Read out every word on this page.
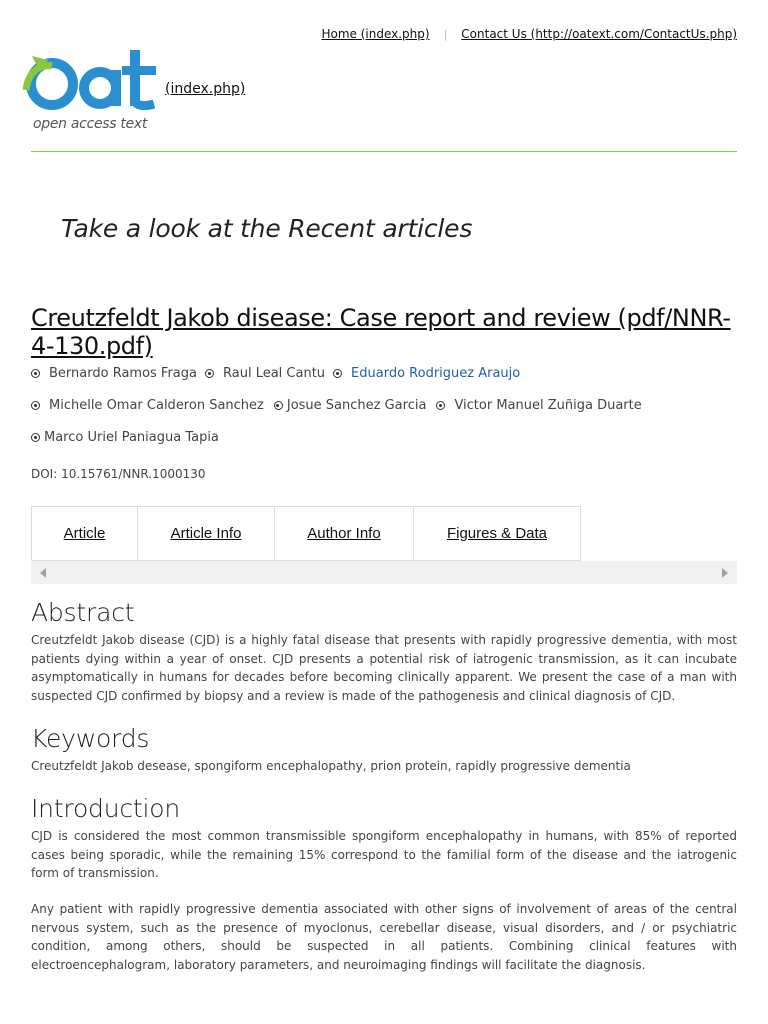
Home (index.php) | Contact Us (http://oatext.com/ContactUs.php)
open access text
(index.php)
Take a look at the Recent articles
Creutzfeldt Jakob disease: Case report and review (pdf/NNR-4-130.pdf)
Bernardo Ramos Fraga Raul Leal Cantu Eduardo Rodriguez Araujo
Michelle Omar Calderon Sanchez Josue Sanchez Garcia Victor Manuel Zuñiga Duarte
Marco Uriel Paniagua Tapia
DOI: 10.15761/NNR.1000130
Article	Article Info	Author Info	Figures & Data
Abstract
Creutzfeldt Jakob disease (CJD) is a highly fatal disease that presents with rapidly progressive dementia, with most patients dying within a year of onset. CJD presents a potential risk of iatrogenic transmission, as it can incubate asymptomatically in humans for decades before becoming clinically apparent. We present the case of a man with suspected CJD confirmed by biopsy and a review is made of the pathogenesis and clinical diagnosis of CJD.
Keywords
Creutzfeldt Jakob desease, spongiform encephalopathy, prion protein, rapidly progressive dementia
Introduction
CJD is considered the most common transmissible spongiform encephalopathy in humans, with 85% of reported cases being sporadic, while the remaining 15% correspond to the familial form of the disease and the iatrogenic form of transmission.
Any patient with rapidly progressive dementia associated with other signs of involvement of areas of the central nervous system, such as the presence of myoclonus, cerebellar disease, visual disorders, and / or psychiatric condition, among others, should be suspected in all patients. Combining clinical features with electroencephalogram, laboratory parameters, and neuroimaging findings will facilitate the diagnosis.
